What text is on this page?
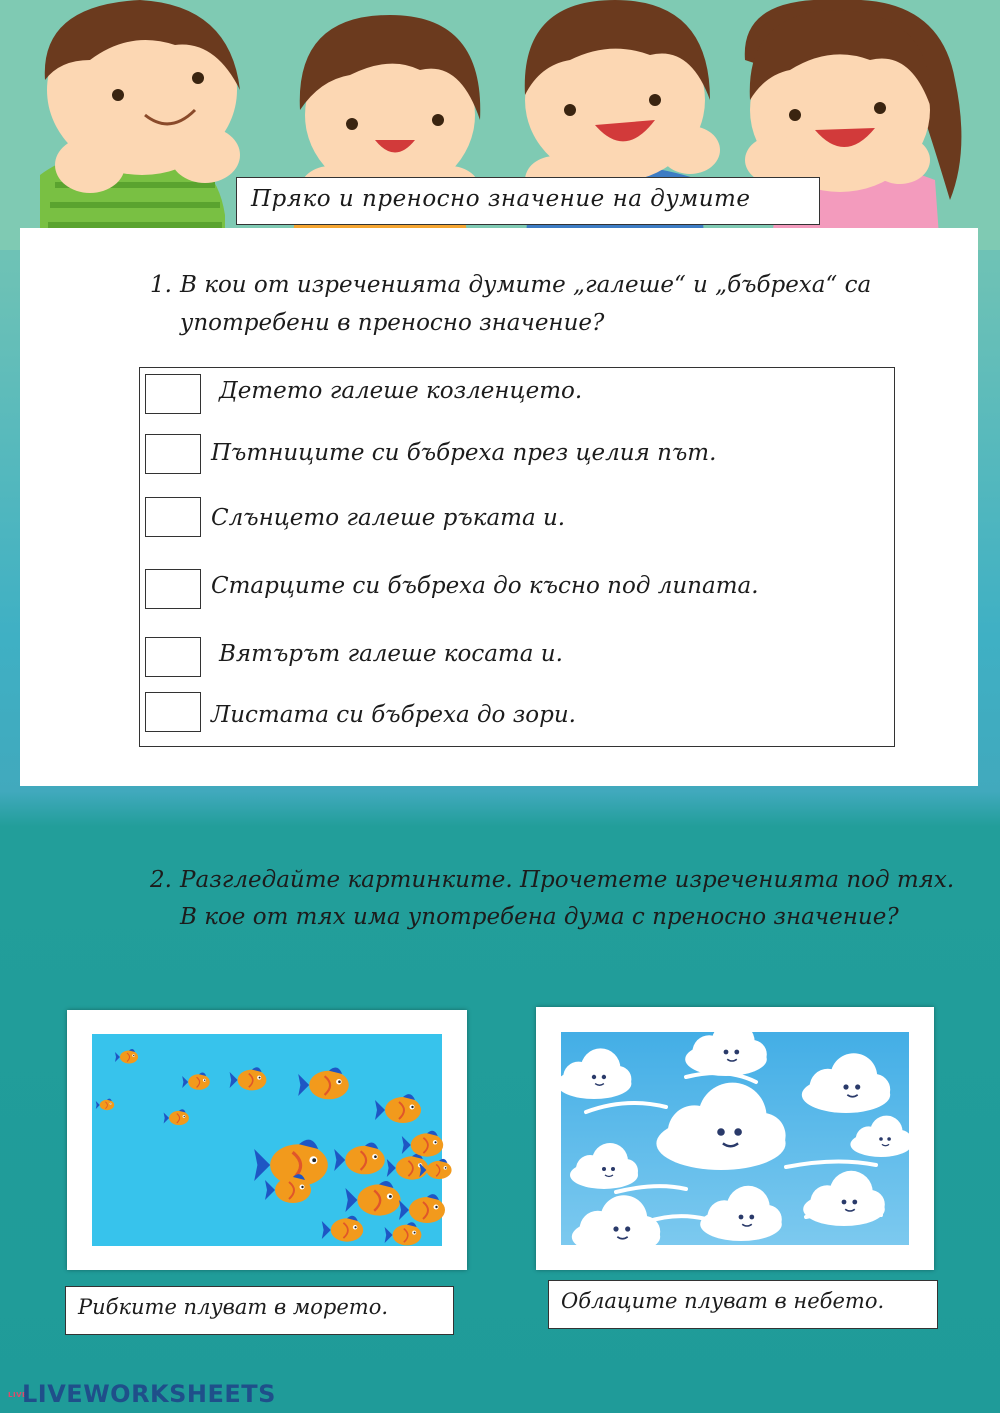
Пряко и преносно значение на думите
1. В кои от изреченията думите „галеше“ и „бъбреха“ са употребени в преносно значение?
Детето галеше козленцето.
Пътниците си бъбреха през целия път.
Слънцето галеше ръката и.
Старците си бъбреха до късно под липата.
Вятърът галеше косата и.
Листата си бъбреха до зори.
2. Разгледайте картинките. Прочетете изреченията под тях. В кое от тях има употребена дума с преносно значение?
Рибките плуват в морето.	Облаците плуват в небето.
LIVELIVEWORKSHEETS
